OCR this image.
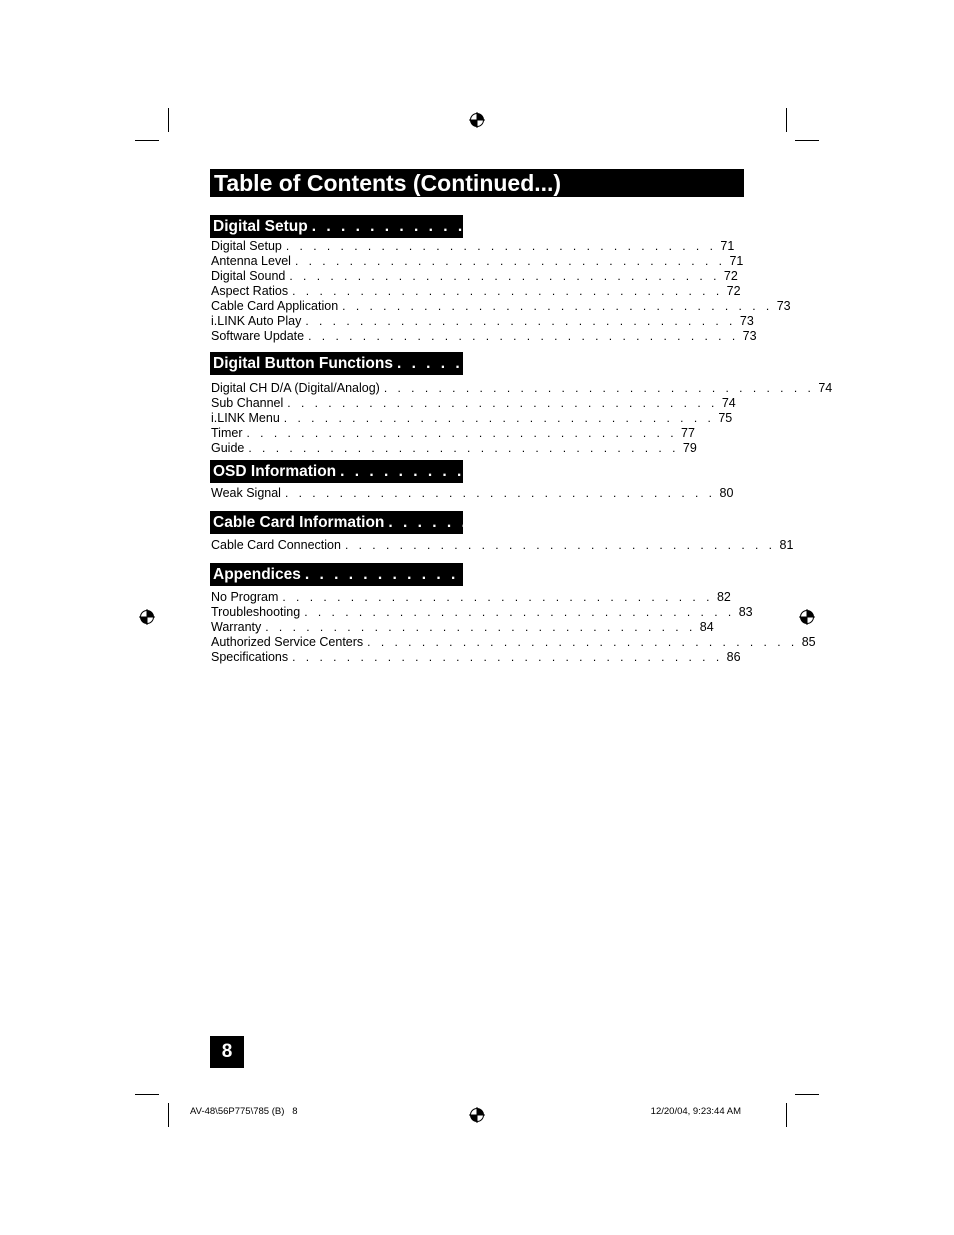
Table of Contents (Continued...)
Digital Setup . . . . . . . . . . . . . . . . . . . . . . . . . . . 71
Digital Setup . . . . . . . . . . . . . . . . . . . . . . . . . . . . . . . . 71
Antenna Level . . . . . . . . . . . . . . . . . . . . . . . . . . . . . . . . 71
Digital Sound . . . . . . . . . . . . . . . . . . . . . . . . . . . . . . . . 72
Aspect Ratios . . . . . . . . . . . . . . . . . . . . . . . . . . . . . . . . 72
Cable Card Application . . . . . . . . . . . . . . . . . . . . . . . . . . . . . . . . 73
i.LINK Auto Play . . . . . . . . . . . . . . . . . . . . . . . . . . . . . . . . 73
Software Update . . . . . . . . . . . . . . . . . . . . . . . . . . . . . . . . 73
Digital Button Functions . . . . . . . . . . . . . . . . . . . . . . . . . . . 74
Digital CH D/A (Digital/Analog) . . . . . . . . . . . . . . . . . . . . . . . . . . . . . . . . 74
Sub Channel . . . . . . . . . . . . . . . . . . . . . . . . . . . . . . . . 74
i.LINK Menu . . . . . . . . . . . . . . . . . . . . . . . . . . . . . . . . 75
Timer . . . . . . . . . . . . . . . . . . . . . . . . . . . . . . . . 77
Guide . . . . . . . . . . . . . . . . . . . . . . . . . . . . . . . . 79
OSD Information . . . . . . . . . . . . . . . . . . . . . . . . . . . 80
Weak Signal . . . . . . . . . . . . . . . . . . . . . . . . . . . . . . . . 80
Cable Card Information . . . . . . . . . . . . . . . . . . . . . . . . . . . 81
Cable Card Connection . . . . . . . . . . . . . . . . . . . . . . . . . . . . . . . . 81
Appendices . . . . . . . . . . . . . . . . . . . . . . . . . . . 82
No Program . . . . . . . . . . . . . . . . . . . . . . . . . . . . . . . . 82
Troubleshooting . . . . . . . . . . . . . . . . . . . . . . . . . . . . . . . . 83
Warranty . . . . . . . . . . . . . . . . . . . . . . . . . . . . . . . . 84
Authorized Service Centers . . . . . . . . . . . . . . . . . . . . . . . . . . . . . . . . 85
Specifications . . . . . . . . . . . . . . . . . . . . . . . . . . . . . . . . 86
8
AV-48\56P775\785 (B)   8	12/20/04, 9:23:44 AM
